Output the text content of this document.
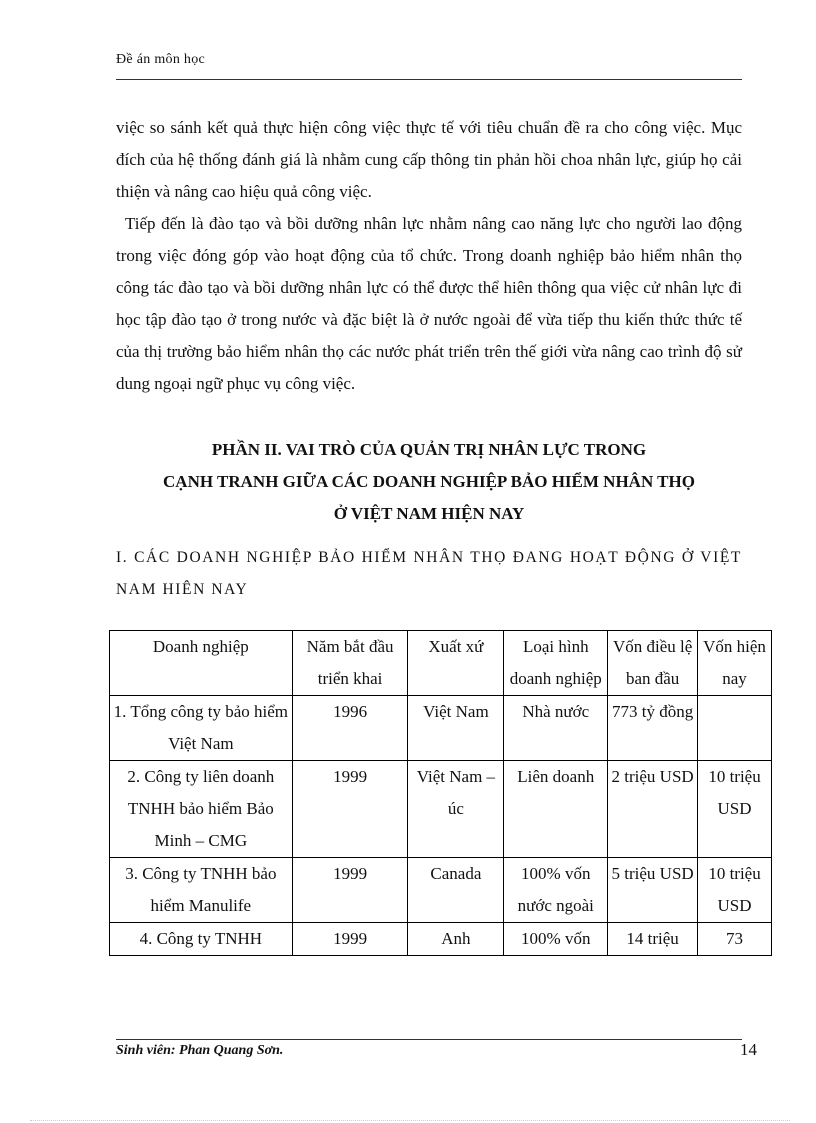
Đề án môn học

việc so sánh kết quả thực hiện công việc thực tế với tiêu chuẩn đề ra cho công việc. Mục đích của hệ thống đánh giá là nhằm cung cấp thông tin phản hồi choa nhân lực, giúp họ cải thiện và nâng cao hiệu quả công việc.

Tiếp đến là đào tạo và bồi dưỡng nhân lực nhằm nâng cao năng lực cho người lao động trong việc đóng góp vào hoạt động của tổ chức. Trong doanh nghiệp bảo hiểm nhân thọ công tác đào tạo và bồi dưỡng nhân lực có thể được thể hiên thông qua việc cử nhân lực đi học tập đào tạo ở trong nước và đặc biệt là ở nước ngoài để vừa tiếp thu kiến thức thức tế của thị trường bảo hiểm nhân thọ các nước phát triển trên thế giới vừa nâng cao trình độ sử dung ngoại ngữ phục vụ công việc.

PHẦN II. VAI TRÒ CỦA QUẢN TRỊ NHÂN LỰC TRONG
CẠNH TRANH GIỮA CÁC DOANH NGHIỆP BẢO HIỂM NHÂN THỌ
Ở VIỆT NAM HIỆN NAY
I. CÁC DOANH NGHIỆP BẢO HIỂM NHÂN THỌ ĐANG HOẠT ĐỘNG Ở VIỆT NAM HIÊN NAY
Doanh nghiệp	Năm bắt đầu triển khai	Xuất xứ	Loại hình doanh nghiệp	Vốn điều lệ ban đầu	Vốn hiện nay
1. Tổng công ty bảo hiểm Việt Nam	1996	Việt Nam	Nhà nước	773 tỷ đồng	
2. Công ty liên doanh TNHH bảo hiểm Bảo Minh – CMG	1999	Việt Nam – úc	Liên doanh	2 triệu USD	10 triệu USD
3. Công ty TNHH bảo hiểm Manulife	1999	Canada	100% vốn nước ngoài	5 triệu USD	10 triệu USD
4. Công ty TNHH	1999	Anh	100% vốn	14 triệu	73
Sinh viên: Phan Quang Sơn.	14
